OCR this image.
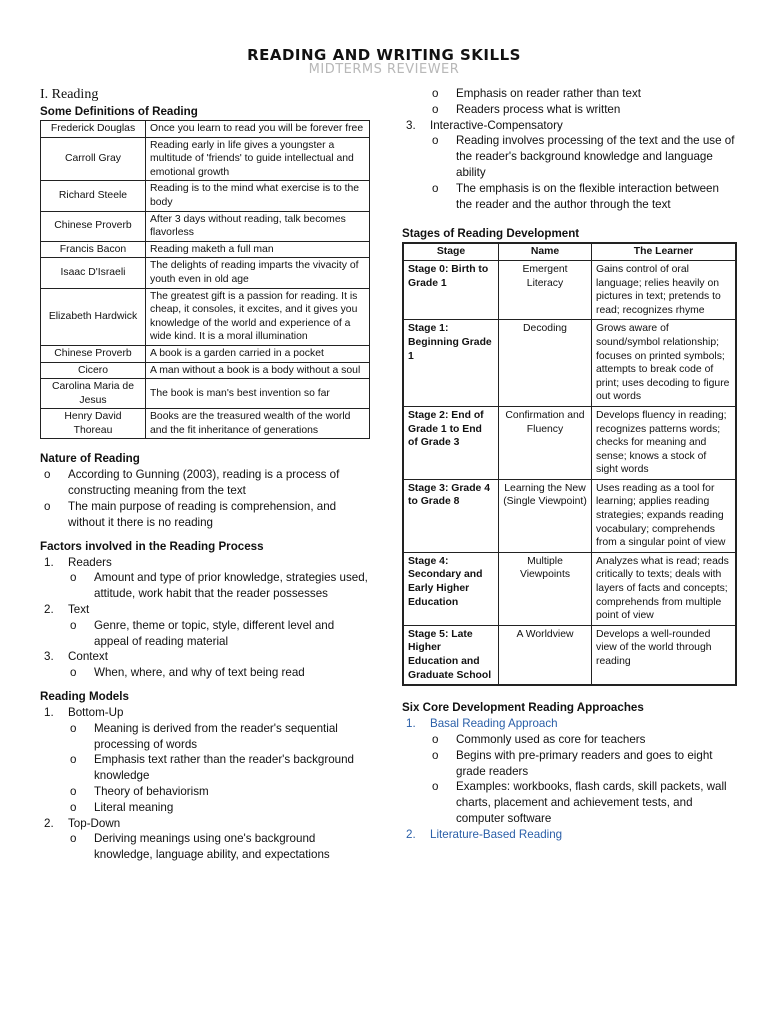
READING AND WRITING SKILLS
MIDTERMS REVIEWER

I. Reading

Some Definitions of Reading

Frederick Douglas	Once you learn to read you will be forever free
Carroll Gray	Reading early in life gives a youngster a multitude of 'friends' to guide intellectual and emotional growth
Richard Steele	Reading is to the mind what exercise is to the body
Chinese Proverb	After 3 days without reading, talk becomes flavorless
Francis Bacon	Reading maketh a full man
Isaac D'Israeli	The delights of reading imparts the vivacity of youth even in old age
Elizabeth Hardwick	The greatest gift is a passion for reading. It is cheap, it consoles, it excites, and it gives you knowledge of the world and experience of a wide kind. It is a moral illumination
Chinese Proverb	A book is a garden carried in a pocket
Cicero	A man without a book is a body without a soul
Carolina Maria de Jesus	The book is man's best invention so far
Henry David Thoreau	Books are the treasured wealth of the world and the fit inheritance of generations

Nature of Reading

o According to Gunning (2003), reading is a process of constructing meaning from the text
o The main purpose of reading is comprehension, and without it there is no reading

Factors involved in the Reading Process

1. Readers
o Amount and type of prior knowledge, strategies used, attitude, work habit that the reader possesses
2. Text
o Genre, theme or topic, style, different level and appeal of reading material
3. Context
o When, where, and why of text being read

Reading Models

1. Bottom-Up
o Meaning is derived from the reader's sequential processing of words
o Emphasis text rather than the reader's background knowledge
o Theory of behaviorism
o Literal meaning
2. Top-Down
o Deriving meanings using one's background knowledge, language ability, and expectations
o Emphasis on reader rather than text
o Readers process what is written
3. Interactive-Compensatory
o Reading involves processing of the text and the use of the reader's background knowledge and language ability
o The emphasis is on the flexible interaction between the reader and the author through the text

Stages of Reading Development

Stage	Name	The Learner
Stage 0: Birth to Grade 1	Emergent Literacy	Gains control of oral language; relies heavily on pictures in text; pretends to read; recognizes rhyme
Stage 1: Beginning Grade 1	Decoding	Grows aware of sound/symbol relationship; focuses on printed symbols; attempts to break code of print; uses decoding to figure out words
Stage 2: End of Grade 1 to End of Grade 3	Confirmation and Fluency	Develops fluency in reading; recognizes patterns words; checks for meaning and sense; knows a stock of sight words
Stage 3: Grade 4 to Grade 8	Learning the New (Single Viewpoint)	Uses reading as a tool for learning; applies reading strategies; expands reading vocabulary; comprehends from a singular point of view
Stage 4: Secondary and Early Higher Education	Multiple Viewpoints	Analyzes what is read; reads critically to texts; deals with layers of facts and concepts; comprehends from multiple point of view
Stage 5: Late Higher Education and Graduate School	A Worldview	Develops a well-rounded view of the world through reading

Six Core Development Reading Approaches

1. Basal Reading Approach
o Commonly used as core for teachers
o Begins with pre-primary readers and goes to eight grade readers
o Examples: workbooks, flash cards, skill packets, wall charts, placement and achievement tests, and computer software
2. Literature-Based Reading
